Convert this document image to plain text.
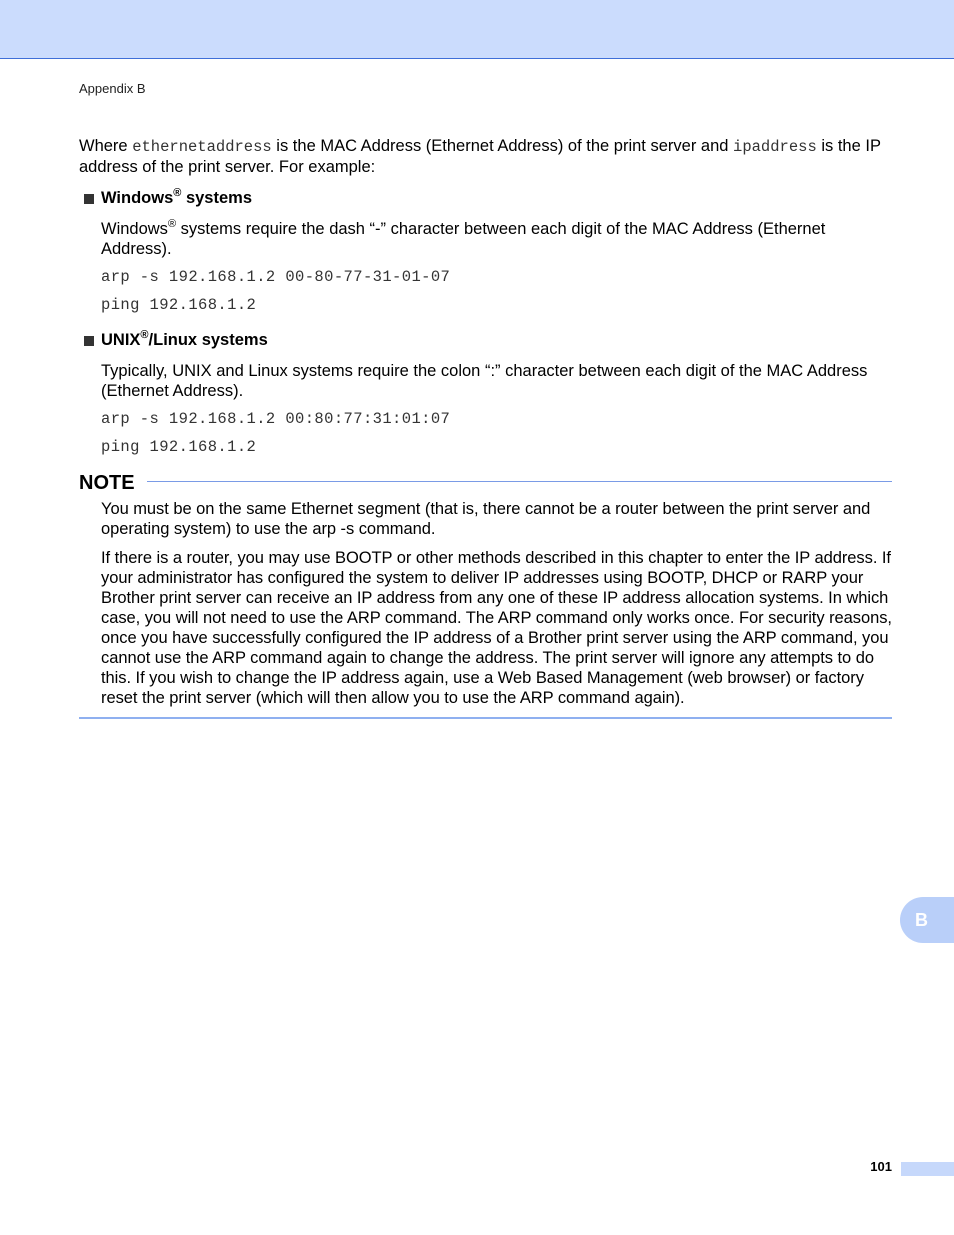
Appendix B

Where ethernetaddress is the MAC Address (Ethernet Address) of the print server and ipaddress is the IP address of the print server. For example:

Windows® systems

Windows® systems require the dash “-” character between each digit of the MAC Address (Ethernet Address).

arp -s 192.168.1.2 00-80-77-31-01-07
ping 192.168.1.2
UNIX®/Linux systems

Typically, UNIX and Linux systems require the colon “:” character between each digit of the MAC Address (Ethernet Address).

arp -s 192.168.1.2 00:80:77:31:01:07
ping 192.168.1.2
NOTE

You must be on the same Ethernet segment (that is, there cannot be a router between the print server and operating system) to use the arp -s command.

If there is a router, you may use BOOTP or other methods described in this chapter to enter the IP address. If your administrator has configured the system to deliver IP addresses using BOOTP, DHCP or RARP your Brother print server can receive an IP address from any one of these IP address allocation systems. In which case, you will not need to use the ARP command. The ARP command only works once. For security reasons, once you have successfully configured the IP address of a Brother print server using the ARP command, you cannot use the ARP command again to change the address. The print server will ignore any attempts to do this. If you wish to change the IP address again, use a Web Based Management (web browser) or factory reset the print server (which will then allow you to use the ARP command again).

B
101
